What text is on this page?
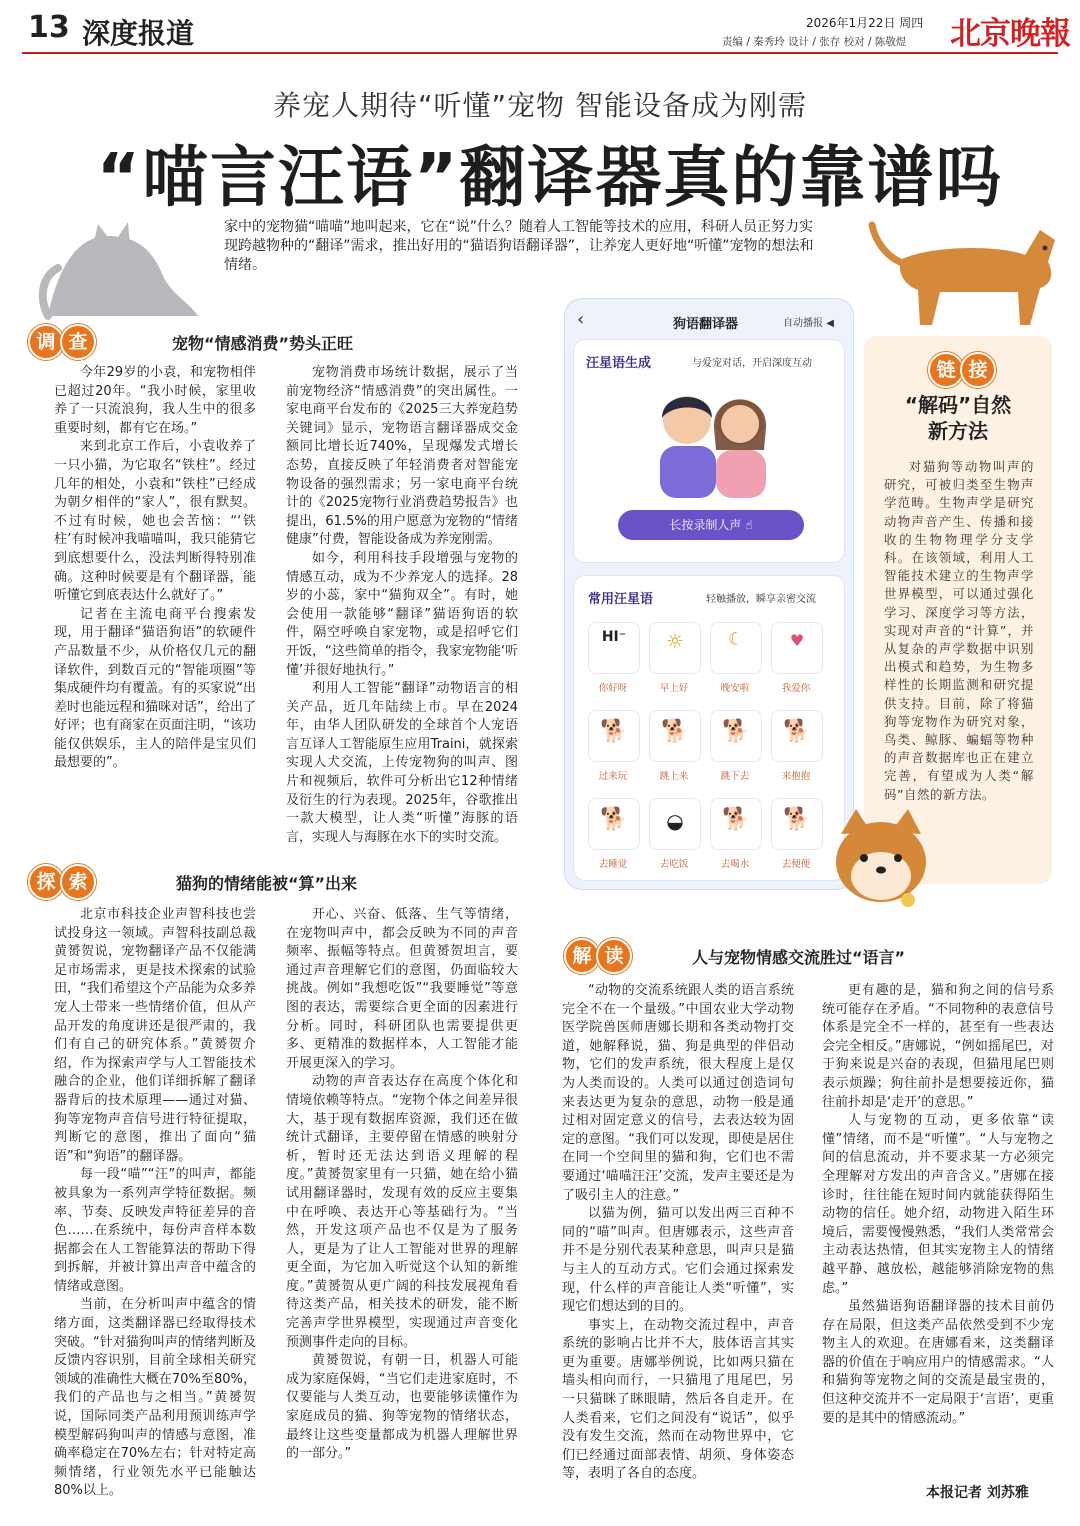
13 深度报道	2026年1月22日 周四
责编 / 秦秀玲 设计 / 张存 校对 / 陈敬煜 北京晚報
养宠人期待“听懂”宠物 智能设备成为刚需
“喵言汪语”翻译器真的靠谱吗
家中的宠物猫“喵喵”地叫起来，它在“说”什么？随着人工智能等技术的应用，科研人员正努力实现跨越物种的“翻译”需求，推出好用的“猫语狗语翻译器”，让养宠人更好地“听懂”宠物的想法和情绪。
调 查	宠物“情感消费”势头正旺

今年29岁的小袁，和宠物相伴已超过20年。“我小时候，家里收养了一只流浪狗，我人生中的很多重要时刻，都有它在场。”

来到北京工作后，小袁收养了一只小猫，为它取名“铁柱”。经过几年的相处，小袁和“铁柱”已经成为朝夕相伴的“家人”，很有默契。不过有时候，她也会苦恼：“‘铁柱’有时候冲我喵喵叫，我只能猜它到底想要什么，没法判断得特别准确。这种时候要是有个翻译器，能听懂它到底表达什么就好了。”

记者在主流电商平台搜索发现，用于翻译“猫语狗语”的软硬件产品数量不少，从价格仅几元的翻译软件，到数百元的“智能项圈”等集成硬件均有覆盖。有的买家说“出差时也能远程和猫咪对话”，给出了好评；也有商家在页面注明，“该功能仅供娱乐，主人的陪伴是宝贝们最想要的”。

宠物消费市场统计数据，展示了当前宠物经济“情感消费”的突出属性。一家电商平台发布的《2025三大养宠趋势关键词》显示，宠物语言翻译器成交金额同比增长近740%，呈现爆发式增长态势，直接反映了年轻消费者对智能宠物设备的强烈需求；另一家电商平台统计的《2025宠物行业消费趋势报告》也提出，61.5%的用户愿意为宠物的“情绪健康”付费，智能设备成为养宠刚需。

如今，利用科技手段增强与宠物的情感互动，成为不少养宠人的选择。28岁的小蕊，家中“猫狗双全”。有时，她会使用一款能够“翻译”猫语狗语的软件，隔空呼唤自家宠物，或是招呼它们开饭，“这些简单的指令，我家宠物能‘听懂’并很好地执行。”

利用人工智能“翻译”动物语言的相关产品，近几年陆续上市。早在2024年，由华人团队研发的全球首个人宠语言互译人工智能原生应用Traini，就探索实现人犬交流，上传宠物狗的叫声、图片和视频后，软件可分析出它12种情绪及衍生的行为表现。2025年，谷歌推出一款大模型，让人类“听懂”海豚的语言，实现人与海豚在水下的实时交流。

探 索	猫狗的情绪能被“算”出来

北京市科技企业声智科技也尝试投身这一领域。声智科技副总裁黄赟贺说，宠物翻译产品不仅能满足市场需求，更是技术探索的试验田，“我们希望这个产品能为众多养宠人士带来一些情绪价值，但从产品开发的角度讲还是很严肃的，我们有自己的研究体系。”黄赟贺介绍，作为探索声学与人工智能技术融合的企业，他们详细拆解了翻译器背后的技术原理——通过对猫、狗等宠物声音信号进行特征提取，判断它的意图，推出了面向“猫语”和“狗语”的翻译器。

每一段“喵”“汪”的叫声，都能被具象为一系列声学特征数据。频率、节奏、反映发声特征差异的音色……在系统中，每份声音样本数据都会在人工智能算法的帮助下得到拆解，并被计算出声音中蕴含的情绪或意图。

当前，在分析叫声中蕴含的情绪方面，这类翻译器已经取得技术突破。“针对猫狗叫声的情绪判断及反馈内容识别，目前全球相关研究领域的准确性大概在70%至80%，我们的产品也与之相当。”黄赟贺说，国际同类产品利用预训练声学模型解码狗叫声的情感与意图，准确率稳定在70%左右；针对特定高频情绪，行业领先水平已能触达80%以上。

开心、兴奋、低落、生气等情绪，在宠物叫声中，都会反映为不同的声音频率、振幅等特点。但黄赟贺坦言，要通过声音理解它们的意图，仍面临较大挑战。例如“我想吃饭”“我要睡觉”等意图的表达，需要综合更全面的因素进行分析。同时，科研团队也需要提供更多、更精准的数据样本，人工智能才能开展更深入的学习。

动物的声音表达存在高度个体化和情境依赖等特点。“宠物个体之间差异很大，基于现有数据库资源，我们还在做统计式翻译，主要停留在情感的映射分析，暂时还无法达到语义理解的程度。”黄赟贺家里有一只猫，她在给小猫试用翻译器时，发现有效的反应主要集中在呼唤、表达开心等基础行为。“当然，开发这项产品也不仅是为了服务人，更是为了让人工智能对世界的理解更全面，为它加入听觉这个认知的新维度。”黄赟贺从更广阔的科技发展视角看待这类产品，相关技术的研发，能不断完善声学世界模型，实现通过声音变化预测事件走向的目标。

黄赟贺说，有朝一日，机器人可能成为家庭保姆，“当它们走进家庭时，不仅要能与人类互动，也要能够读懂作为家庭成员的猫、狗等宠物的情绪状态，最终让这些变量都成为机器人理解世界的一部分。”

‹	狗语翻译器	自动播报 ◀
汪星语生成	与爱宠对话，开启深度互动
长按录制人声 ☝
常用汪星语	轻触播放，瞬享亲密交流
HI⁻	☼	☾	♥
你好呀	早上好	晚安啦	我爱你
🐕	🐕	🐕	🐕
过来玩	跳上来	跳下去	来抱抱
🐕	◒	🐕	🐕
去睡觉	去吃饭	去喝水	去便便
链 接
“解码”自然
新方法

对猫狗等动物叫声的研究，可被归类至生物声学范畴。生物声学是研究动物声音产生、传播和接收的生物物理学分支学科。在该领域，利用人工智能技术建立的生物声学世界模型，可以通过强化学习、深度学习等方法，实现对声音的“计算”，并从复杂的声学数据中识别出模式和趋势，为生物多样性的长期监测和研究提供支持。目前，除了将猫狗等宠物作为研究对象，鸟类、鲸豚、蝙蝠等物种的声音数据库也正在建立完善，有望成为人类“解码”自然的新方法。

解 读	人与宠物情感交流胜过“语言”

“动物的交流系统跟人类的语言系统完全不在一个量级。”中国农业大学动物医学院兽医师唐娜长期和各类动物打交道，她解释说，猫、狗是典型的伴侣动物，它们的发声系统，很大程度上是仅为人类而设的。人类可以通过创造词句来表达更为复杂的意思，动物一般是通过相对固定意义的信号，去表达较为固定的意图。“我们可以发现，即使是居住在同一个空间里的猫和狗，它们也不需要通过‘喵喵汪汪’交流，发声主要还是为了吸引主人的注意。”

以猫为例，猫可以发出两三百种不同的“喵”叫声。但唐娜表示，这些声音并不是分别代表某种意思，叫声只是猫与主人的互动方式。它们会通过探索发现，什么样的声音能让人类“听懂”，实现它们想达到的目的。

事实上，在动物交流过程中，声音系统的影响占比并不大，肢体语言其实更为重要。唐娜举例说，比如两只猫在墙头相向而行，一只猫甩了甩尾巴，另一只猫眯了眯眼睛，然后各自走开。在人类看来，它们之间没有“说话”，似乎没有发生交流，然而在动物世界中，它们已经通过面部表情、胡须、身体姿态等，表明了各自的态度。

更有趣的是，猫和狗之间的信号系统可能存在矛盾。“不同物种的表意信号体系是完全不一样的，甚至有一些表达会完全相反。”唐娜说，“例如摇尾巴，对于狗来说是兴奋的表现，但猫甩尾巴则表示烦躁；狗往前扑是想要接近你，猫往前扑却是‘走开’的意思。”

人与宠物的互动，更多依靠“读懂”情绪，而不是“听懂”。“人与宠物之间的信息流动，并不要求某一方必须完全理解对方发出的声音含义。”唐娜在接诊时，往往能在短时间内就能获得陌生动物的信任。她介绍，动物进入陌生环境后，需要慢慢熟悉，“我们人类常常会主动表达热情，但其实宠物主人的情绪越平静、越放松，越能够消除宠物的焦虑。”

虽然猫语狗语翻译器的技术目前仍存在局限，但这类产品依然受到不少宠物主人的欢迎。在唐娜看来，这类翻译器的价值在于响应用户的情感需求。“人和猫狗等宠物之间的交流是最宝贵的，但这种交流并不一定局限于‘言语’，更重要的是其中的情感流动。”

本报记者 刘苏雅
